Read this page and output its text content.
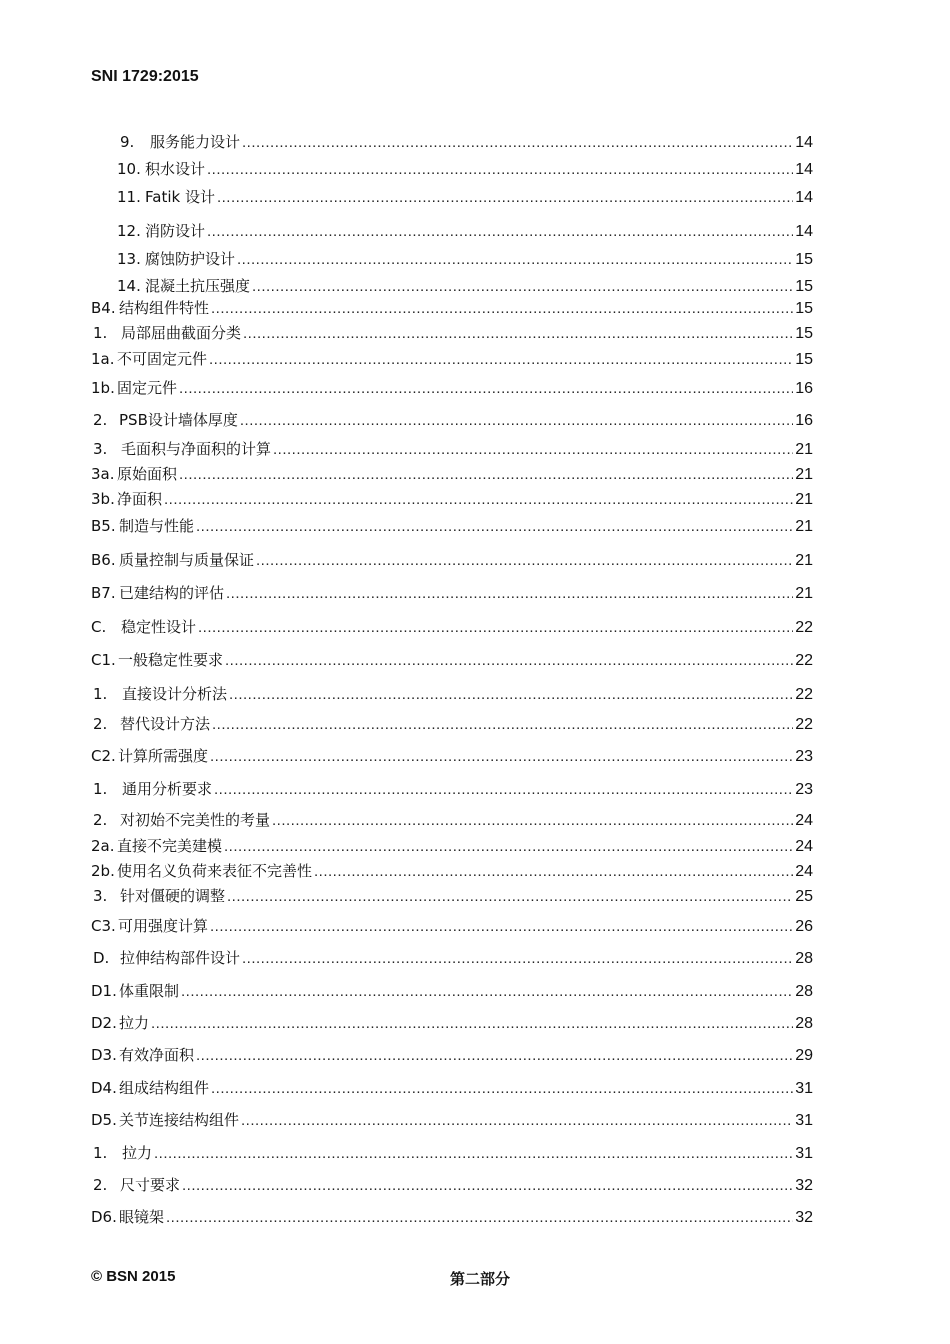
SNI 1729:2015
9.	服务能力设计 .....	14
10. 积水设计 .....	14
11. Fatik 设计 .....	14
12. 消防设计 .....	14
13. 腐蚀防护设计 .....	15
14. 混凝土抗压强度 .....	15
B4. 结构组件特性 .....	15
1. 局部屈曲截面分类 .....	15
1a. 不可固定元件 .....	15
1b. 固定元件 .....	16
2. PSB设计墙体厚度 .....	16
3. 毛面积与净面积的计算 .....	21
3a. 原始面积 .....	21
3b. 净面积 .....	21
B5. 制造与性能 .....	21
B6. 质量控制与质量保证 .....	21
B7. 已建结构的评估 .....	21
C. 稳定性设计 .....	22
C1. 一般稳定性要求 .....	22
1. 直接设计分析法 .....	22
2. 替代设计方法 .....	22
C2. 计算所需强度 .....	23
1. 通用分析要求 .....	23
2. 对初始不完美性的考量 .....	24
2a. 直接不完美建模 .....	24
2b. 使用名义负荷来表征不完善性 .....	24
3. 针对僵硬的调整 .....	25
C3. 可用强度计算 .....	26
D. 拉伸结构部件设计 .....	28
D1. 体重限制 .....	28
D2. 拉力 .....	28
D3. 有效净面积 .....	29
D4. 组成结构组件 .....	31
D5. 关节连接结构组件 .....	31
1. 拉力 .....	31
2. 尺寸要求 .....	32
D6. 眼镜架 .....	32
© BSN 2015	第二部分
